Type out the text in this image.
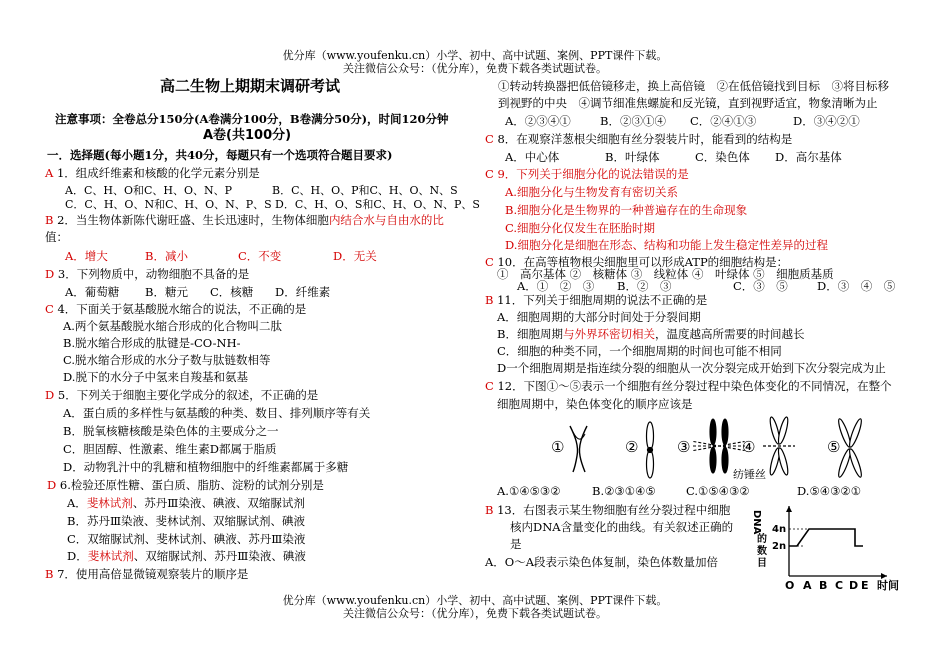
优分库（www.youfenku.cn）小学、初中、高中试题、案例、PPT课件下载。
关注微信公众号：（优分库），免费下载各类试题试卷。
高二生物上期期末调研考试
注意事项：全卷总分150分(A卷满分100分，B卷满分50分)，时间120分钟
A卷(共100分)
一．选择题(每小题1分，共40分，每题只有一个选项符合题目要求)
A 1．组成纤维素和核酸的化学元素分别是
A．C、H、O和C、H、O、N、P	B．C、H、O、P和C、H、O、N、S
C．C、H、O、N和C、H、O、N、P、S D．C、H、O、S和C、H、O、N、P、S
B 2．当生物体新陈代谢旺盛、生长迅速时，生物体细胞内结合水与自由水的比
值：
A．增大	B．减小	C．不变	D．无关
D 3．下列物质中，动物细胞不具备的是
A．葡萄糖 B．糖元 C．核糖 D．纤维素
C 4．下面关于氨基酸脱水缩合的说法，不正确的是
A.两个氨基酸脱水缩合形成的化合物叫二肽
B.脱水缩合形成的肽键是-CO-NH-
C.脱水缩合形成的水分子数与肽链数相等
D.脱下的水分子中氢来自羧基和氨基
D 5．下列关于细胞主要化学成分的叙述，不正确的是
A．蛋白质的多样性与氨基酸的种类、数目、排列顺序等有关
B．脱氧核糖核酸是染色体的主要成分之一
C．胆固醇、性激素、维生素D都属于脂质
D．动物乳汁中的乳糖和植物细胞中的纤维素都属于多糖
D 6.检验还原性糖、蛋白质、脂肪、淀粉的试剂分别是
A．斐林试剂、苏丹Ⅲ染液、碘液、双缩脲试剂
B．苏丹Ⅲ染液、斐林试剂、双缩脲试剂、碘液
C．双缩脲试剂、斐林试剂、碘液、苏丹Ⅲ染液
D．斐林试剂、双缩脲试剂、苏丹Ⅲ染液、碘液
B 7．使用高倍显微镜观察装片的顺序是
①转动转换器把低倍镜移走，换上高倍镜　②在低倍镜找到目标　③将目标移
到视野的中央　④调节细准焦螺旋和反光镜，直到视野适宜，物象清晰为止
A．②③④①	B．②③①④ C．②④①③	D．③④②①
C 8．在观察洋葱根尖细胞有丝分裂装片时，能看到的结构是
A．中心体	B．叶绿体	C．染色体 D．高尔基体
C 9．下列关于细胞分化的说法错误的是
A.细胞分化与生物发育有密切关系
B.细胞分化是生物界的一种普遍存在的生命现象
C.细胞分化仅发生在胚胎时期
D.细胞分化是细胞在形态、结构和功能上发生稳定性差异的过程
C 10．在高等植物根尖细胞里可以形成ATP的细胞结构是：
①　高尔基体 ②　核糖体 ③　线粒体 ④　叶绿体 ⑤　细胞质基质
A．①　②　③ B．②　③	C．③　⑤	D．③　④　⑤
B 11．下列关于细胞周期的说法不正确的是
A．细胞周期的大部分时间处于分裂间期
B．细胞周期与外界环密切相关，温度越高所需要的时间越长
C．细胞的种类不同，一个细胞周期的时间也可能不相同
D一个细胞周期是指连续分裂的细胞从一次分裂完成开始到下次分裂完成为止
C 12．下图①～⑤表示一个细胞有丝分裂过程中染色体变化的不同情况，在整个
细胞周期中，染色体变化的顺序应该是
①	②	③	④
纺锤丝
⑤
A.①④⑤③②	B.②③①④⑤	C.①⑤④③②	D.⑤④③②①
B 13．右图表示某生物细胞有丝分裂过程中细胞
核内DNA含量变化的曲线。有关叙述正确的
是
A．O～A段表示染色体复制，染色体数量加倍
DNA
的
数
目
4n
2n
O A B C D E 时间
优分库（www.youfenku.cn）小学、初中、高中试题、案例、PPT课件下载。
关注微信公众号：（优分库），免费下载各类试题试卷。
